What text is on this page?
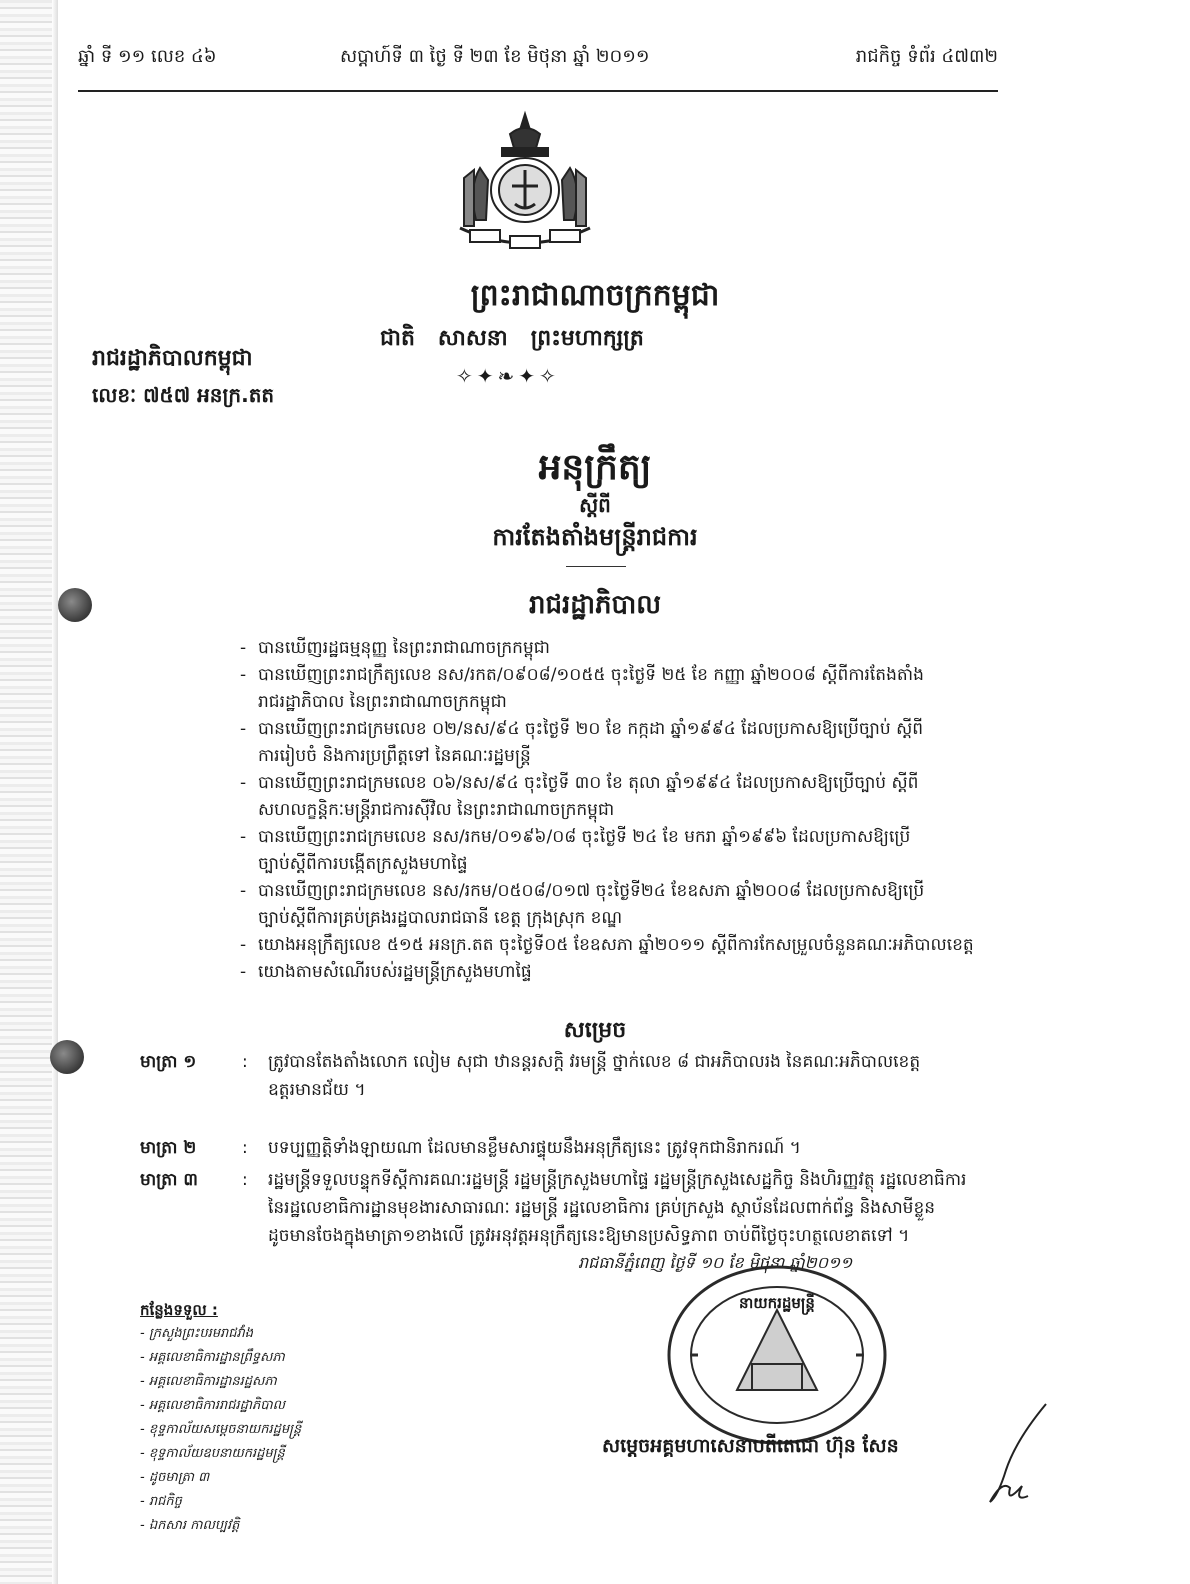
ឆ្នាំ ទី ១១ លេខ ៤៦	សប្តាហ៍ទី ៣ ថ្ងៃ ទី ២៣ ខែ មិថុនា ឆ្នាំ ២០១១	រាជកិច្ច ទំព័រ ៤៧៣២
ព្រះរាជាណាចក្រកម្ពុជា
ជាតិ   សាសនា   ព្រះមហាក្សត្រ
✧✦❧✦✧
រាជរដ្ឋាភិបាលកម្ពុជា
លេខៈ ៧៥៧ អនក្រ.តត
អនុក្រឹត្យ
ស្តីពី
ការតែងតាំងមន្ត្រីរាជការ
រាជរដ្ឋាភិបាល
- បានឃើញរដ្ឋធម្មនុញ្ញ នៃព្រះរាជាណាចក្រកម្ពុជា
- បានឃើញព្រះរាជក្រឹត្យលេខ នស/រកត/០៩០៨/១០៥៥ ចុះថ្ងៃទី ២៥ ខែ កញ្ញា ឆ្នាំ២០០៨ ស្តីពីការតែងតាំង
រាជរដ្ឋាភិបាល នៃព្រះរាជាណាចក្រកម្ពុជា
- បានឃើញព្រះរាជក្រមលេខ ០២/នស/៩៤ ចុះថ្ងៃទី ២០ ខែ កក្កដា ឆ្នាំ១៩៩៤ ដែលប្រកាសឱ្យប្រើច្បាប់ ស្តីពី
ការរៀបចំ និងការប្រព្រឹត្តទៅ នៃគណៈរដ្ឋមន្ត្រី
- បានឃើញព្រះរាជក្រមលេខ ០៦/នស/៩៤ ចុះថ្ងៃទី ៣០ ខែ តុលា ឆ្នាំ១៩៩៤ ដែលប្រកាសឱ្យប្រើច្បាប់ ស្តីពី
សហលក្ខន្តិកៈមន្ត្រីរាជការស៊ីវិល នៃព្រះរាជាណាចក្រកម្ពុជា
- បានឃើញព្រះរាជក្រមលេខ នស/រកម/០១៩៦/០៨ ចុះថ្ងៃទី ២៤ ខែ មករា ឆ្នាំ១៩៩៦ ដែលប្រកាសឱ្យប្រើ
ច្បាប់ស្តីពីការបង្កើតក្រសួងមហាផ្ទៃ
- បានឃើញព្រះរាជក្រមលេខ នស/រកម/០៥០៨/០១៧ ចុះថ្ងៃទី២៤ ខែឧសភា ឆ្នាំ២០០៨ ដែលប្រកាសឱ្យប្រើ
ច្បាប់ស្តីពីការគ្រប់គ្រងរដ្ឋបាលរាជធានី ខេត្ត ក្រុងស្រុក ខណ្ឌ
- យោងអនុក្រឹត្យលេខ ៥១៥ អនក្រ.តត ចុះថ្ងៃទី០៥ ខែឧសភា ឆ្នាំ២០១១ ស្តីពីការកែសម្រួលចំនួនគណៈអភិបាលខេត្ត
- យោងតាមសំណើរបស់រដ្ឋមន្ត្រីក្រសួងមហាផ្ទៃ
សម្រេច
មាត្រា ១	: ត្រូវបានតែងតាំងលោក លៀម សុជា ឋានន្តរសក្តិ វរមន្ត្រី ថ្នាក់លេខ ៨ ជាអភិបាលរង នៃគណៈអភិបាលខេត្ត
ឧត្តរមានជ័យ ។
មាត្រា ២	: បទប្បញ្ញត្តិទាំងឡាយណា ដែលមានខ្លឹមសារផ្ទុយនឹងអនុក្រឹត្យនេះ ត្រូវទុកជានិរាករណ៍ ។
មាត្រា ៣	: រដ្ឋមន្ត្រីទទួលបន្ទុកទីស្តីការគណៈរដ្ឋមន្ត្រី រដ្ឋមន្ត្រីក្រសួងមហាផ្ទៃ រដ្ឋមន្ត្រីក្រសួងសេដ្ឋកិច្ច និងហិរញ្ញវត្ថុ រដ្ឋលេខាធិការ
នៃរដ្ឋលេខាធិការដ្ឋានមុខងារសាធារណៈ រដ្ឋមន្ត្រី រដ្ឋលេខាធិការ គ្រប់ក្រសួង ស្ថាប័នដែលពាក់ព័ន្ធ និងសាមីខ្លួន
ដូចមានចែងក្នុងមាត្រា១ខាងលើ ត្រូវអនុវត្តអនុក្រឹត្យនេះឱ្យមានប្រសិទ្ធភាព ចាប់ពីថ្ងៃចុះហត្ថលេខាតទៅ ។
រាជធានីភ្នំពេញ ថ្ងៃទី ១០ ខែ មិថុនា ឆ្នាំ២០១១
នាយករដ្ឋមន្ត្រី
សម្តេចអគ្គមហាសេនាបតីតេជោ ហ៊ុន សែន
កន្លែងទទួល :
- ក្រសួងព្រះបរមរាជវាំង
- អគ្គលេខាធិការដ្ឋានព្រឹទ្ធសភា
- អគ្គលេខាធិការដ្ឋានរដ្ឋសភា
- អគ្គលេខាធិការរាជរដ្ឋាភិបាល
- ខុទ្ទកាល័យសម្តេចនាយករដ្ឋមន្ត្រី
- ខុទ្ទកាល័យឧបនាយករដ្ឋមន្ត្រី
- ដូចមាត្រា ៣
- រាជកិច្ច
- ឯកសារ កាលប្បវត្តិ
